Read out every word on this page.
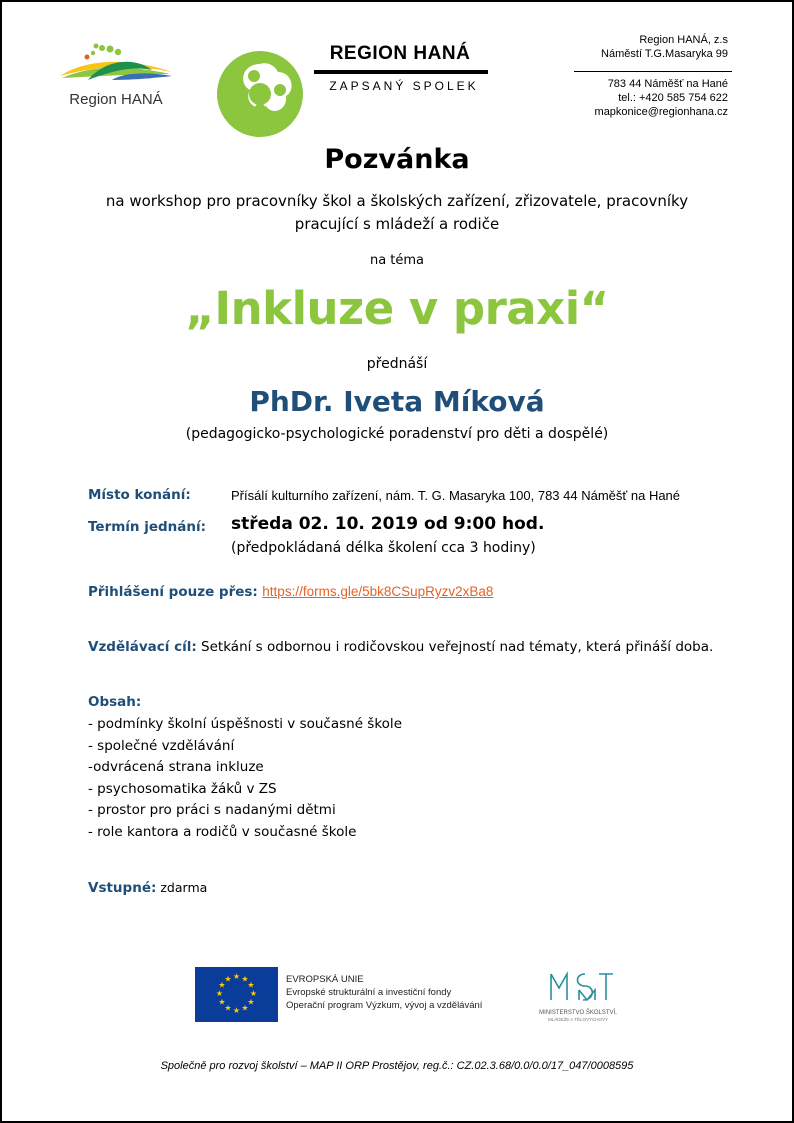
Region HANÁ
REGION HANÁ
ZAPSANÝ SPOLEK
Region HANÁ, z.s
Náměstí T.G.Masaryka 99
783 44 Náměšť na Hané
tel.: +420 585 754 622
mapkonice@regionhana.cz
Pozvánka
na workshop pro pracovníky škol a školských zařízení, zřizovatele, pracovníky
pracující s mládeží a rodiče
na téma
„Inkluze v praxi“
přednáší
PhDr. Iveta Míková
(pedagogicko-psychologické poradenství pro děti a dospělé)
Místo konání:	Přísálí kulturního zařízení, nám. T. G. Masaryka 100, 783 44 Náměšť na Hané
Termín jednání: středa 02. 10. 2019 od 9:00 hod.
(předpokládaná délka školení cca 3 hodiny)
Přihlášení pouze přes: https://forms.gle/5bk8CSupRyzv2xBa8
Vzdělávací cíl: Setkání s odbornou i rodičovskou veřejností nad tématy, která přináší doba.
Obsah:
- podmínky školní úspěšnosti v současné škole
- společné vzdělávání
-odvrácená strana inkluze
- psychosomatika žáků v ZS
- prostor pro práci s nadanými dětmi
- role kantora a rodičů v současné škole
Vstupné: zdarma
★ ★
★
★
★
★
★
★
★
★
★
★	EVROPSKÁ UNIE
Evropské strukturální a investiční fondy
Operační program Výzkum, vývoj a vzdělávání
MINISTERSTVO ŠKOLSTVÍ,
MLÁDEŽE A TĚLOVÝCHOVY
Společně pro rozvoj školství – MAP II ORP Prostějov, reg.č.: CZ.02.3.68/0.0/0.0/17_047/0008595
